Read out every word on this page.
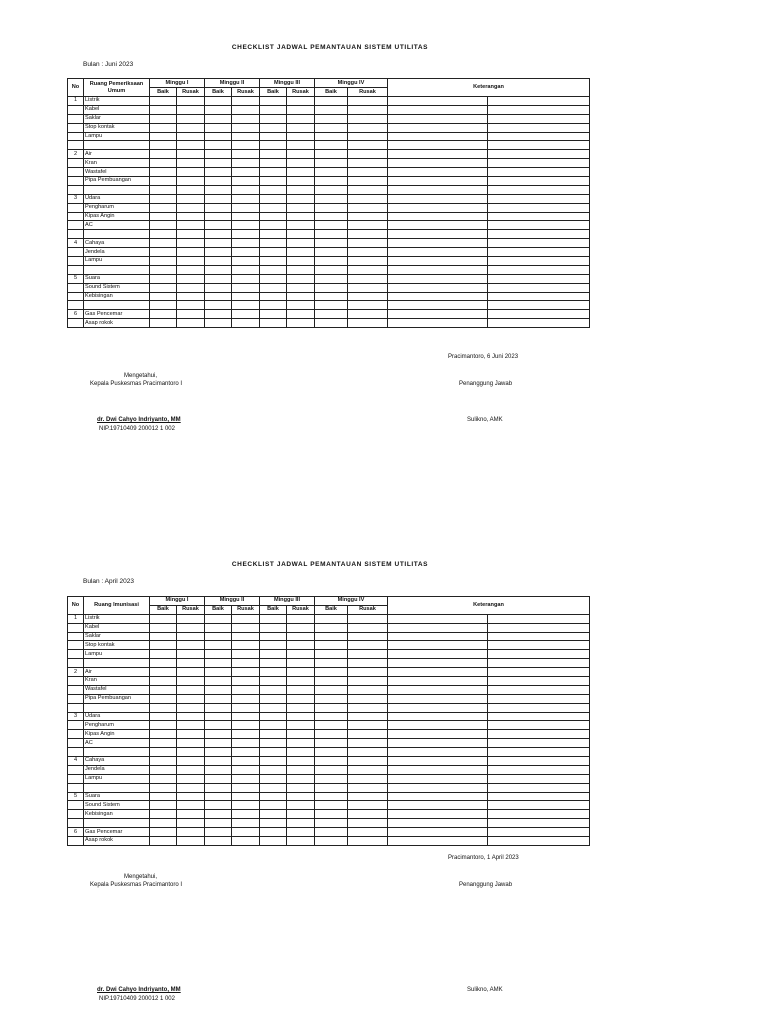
CHECKLIST JADWAL PEMANTAUAN SISTEM UTILITAS
Bulan : Juni 2023
No	Ruang Pemeriksaan Umum	Minggu I		Minggu II		Minggu III		Minggu IV		Keterangan	
		Baik	Rusak	Baik	Rusak	Baik	Rusak	Baik	Rusak		
1	Listrik										
	Kabel										
	Saklar										
	Stop kontak										
	Lampu										

2	Air										
	Kran										
	Wastafel										
	Pipa Pembuangan										

3	Udara										
	Pengharum										
	Kipas Angin										
	AC										

4	Cahaya										
	Jendela										
	Lampu										

5	Suara										
	Sound Sistem										
	Kebisingan										

6	Gas Pencemar										
	Asap rokok										
Pracimantoro, 6 Juni 2023
Mengetahui,
Kepala Puskesmas Pracimantoro I	Penanggung Jawab
dr. Dwi Cahyo Indriyanto, MM	Sulikno, AMK
NIP.19710409 200012 1 002
CHECKLIST JADWAL PEMANTAUAN SISTEM UTILITAS
Bulan : April 2023
No	Ruang Imunisasi	Minggu I		Minggu II		Minggu III		Minggu IV		Keterangan	
		Baik	Rusak	Baik	Rusak	Baik	Rusak	Baik	Rusak		
1	Listrik										
	Kabel										
	Saklar										
	Stop kontak										
	Lampu										

2	Air										
	Kran										
	Wastafel										
	Pipa Pembuangan										

3	Udara										
	Pengharum										
	Kipas Angin										
	AC										

4	Cahaya										
	Jendela										
	Lampu										

5	Suara										
	Sound Sistem										
	Kebisingan										

6	Gas Pencemar										
	Asap rokok										
Pracimantoro, 1 April 2023
Mengetahui,
Kepala Puskesmas Pracimantoro I	Penanggung Jawab
dr. Dwi Cahyo Indriyanto, MM	Sulikno, AMK
NIP.19710409 200012 1 002
